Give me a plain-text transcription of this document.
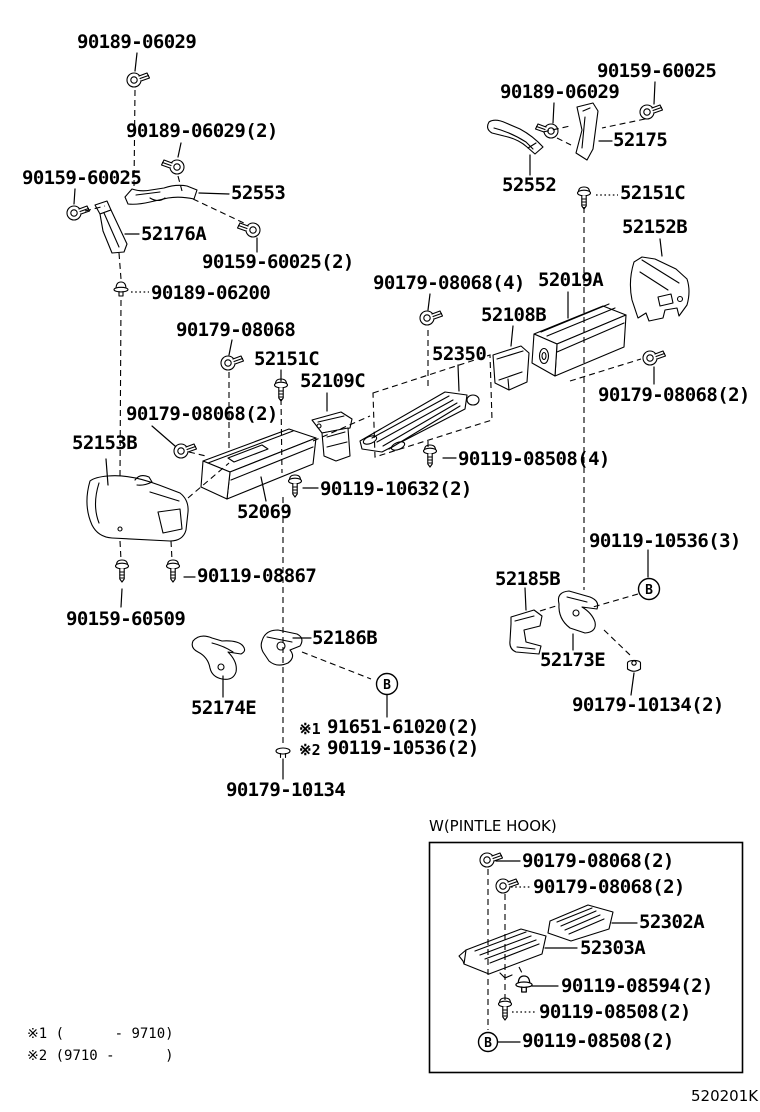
B
B
B
90189-06029
90189-06029(2)
90159-60025
52553
52176A
90159-60025(2)
90189-06200
90179-08068
52151C
52109C
52350
52108B
52019A
90179-08068(4)
90189-06029
90159-60025
52175
52552	52151C
52152B
90179-08068(2)
90119-08508(4)
90119-10632(2)
52069
90179-08068(2)
52153B
90119-08867
90159-60509
52186B
52174E
※1 91651-61020(2)
※2 90119-10536(2)
90179-10134
90119-10536(3)
52185B
52173E
90179-10134(2)
W(PINTLE HOOK)
90179-08068(2)
90179-08068(2)
52302A
52303A
90119-08594(2)
90119-08508(2)
90119-08508(2)
※1 (      - 9710)
※2 (9710 -      )
520201K
